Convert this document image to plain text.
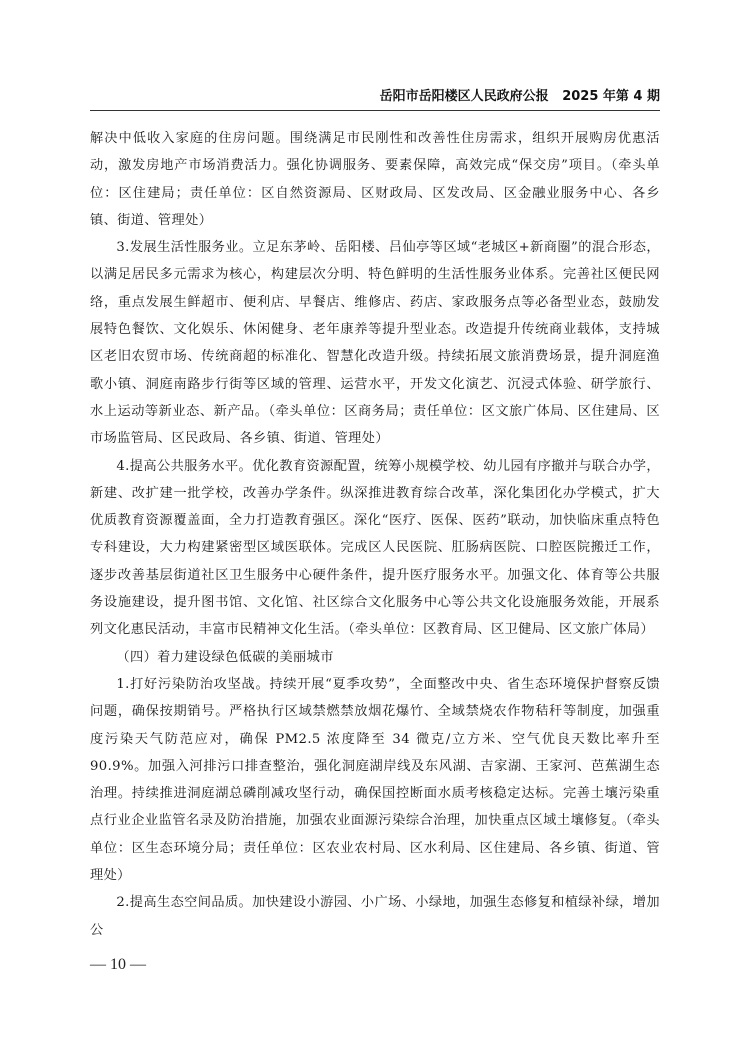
岳阳市岳阳楼区人民政府公报 2025 年第 4 期

解决中低收入家庭的住房问题。围绕满足市民刚性和改善性住房需求，组织开展购房优惠活动，激发房地产市场消费活力。强化协调服务、要素保障，高效完成“保交房”项目。（牵头单位：区住建局；责任单位：区自然资源局、区财政局、区发改局、区金融业服务中心、各乡镇、街道、管理处）

3.发展生活性服务业。立足东茅岭、岳阳楼、吕仙亭等区域“老城区+新商圈”的混合形态，以满足居民多元需求为核心，构建层次分明、特色鲜明的生活性服务业体系。完善社区便民网络，重点发展生鲜超市、便利店、早餐店、维修店、药店、家政服务点等必备型业态，鼓励发展特色餐饮、文化娱乐、休闲健身、老年康养等提升型业态。改造提升传统商业载体，支持城区老旧农贸市场、传统商超的标准化、智慧化改造升级。持续拓展文旅消费场景，提升洞庭渔歌小镇、洞庭南路步行街等区域的管理、运营水平，开发文化演艺、沉浸式体验、研学旅行、水上运动等新业态、新产品。（牵头单位：区商务局；责任单位：区文旅广体局、区住建局、区市场监管局、区民政局、各乡镇、街道、管理处）

4.提高公共服务水平。优化教育资源配置，统筹小规模学校、幼儿园有序撤并与联合办学，新建、改扩建一批学校，改善办学条件。纵深推进教育综合改革，深化集团化办学模式，扩大优质教育资源覆盖面，全力打造教育强区。深化“医疗、医保、医药”联动，加快临床重点特色专科建设，大力构建紧密型区域医联体。完成区人民医院、肛肠病医院、口腔医院搬迁工作，逐步改善基层街道社区卫生服务中心硬件条件，提升医疗服务水平。加强文化、体育等公共服务设施建设，提升图书馆、文化馆、社区综合文化服务中心等公共文化设施服务效能，开展系列文化惠民活动，丰富市民精神文化生活。（牵头单位：区教育局、区卫健局、区文旅广体局）

（四）着力建设绿色低碳的美丽城市

1.打好污染防治攻坚战。持续开展“夏季攻势”，全面整改中央、省生态环境保护督察反馈问题，确保按期销号。严格执行区域禁燃禁放烟花爆竹、全域禁烧农作物秸秆等制度，加强重度污染天气防范应对，确保 PM2.5 浓度降至 34 微克/立方米、空气优良天数比率升至 90.9%。加强入河排污口排查整治，强化洞庭湖岸线及东风湖、吉家湖、王家河、芭蕉湖生态治理。持续推进洞庭湖总磷削减攻坚行动，确保国控断面水质考核稳定达标。完善土壤污染重点行业企业监管名录及防治措施，加强农业面源污染综合治理，加快重点区域土壤修复。（牵头单位：区生态环境分局；责任单位：区农业农村局、区水利局、区住建局、各乡镇、街道、管理处）

2.提高生态空间品质。加快建设小游园、小广场、小绿地，加强生态修复和植绿补绿，增加公

— 10 —
